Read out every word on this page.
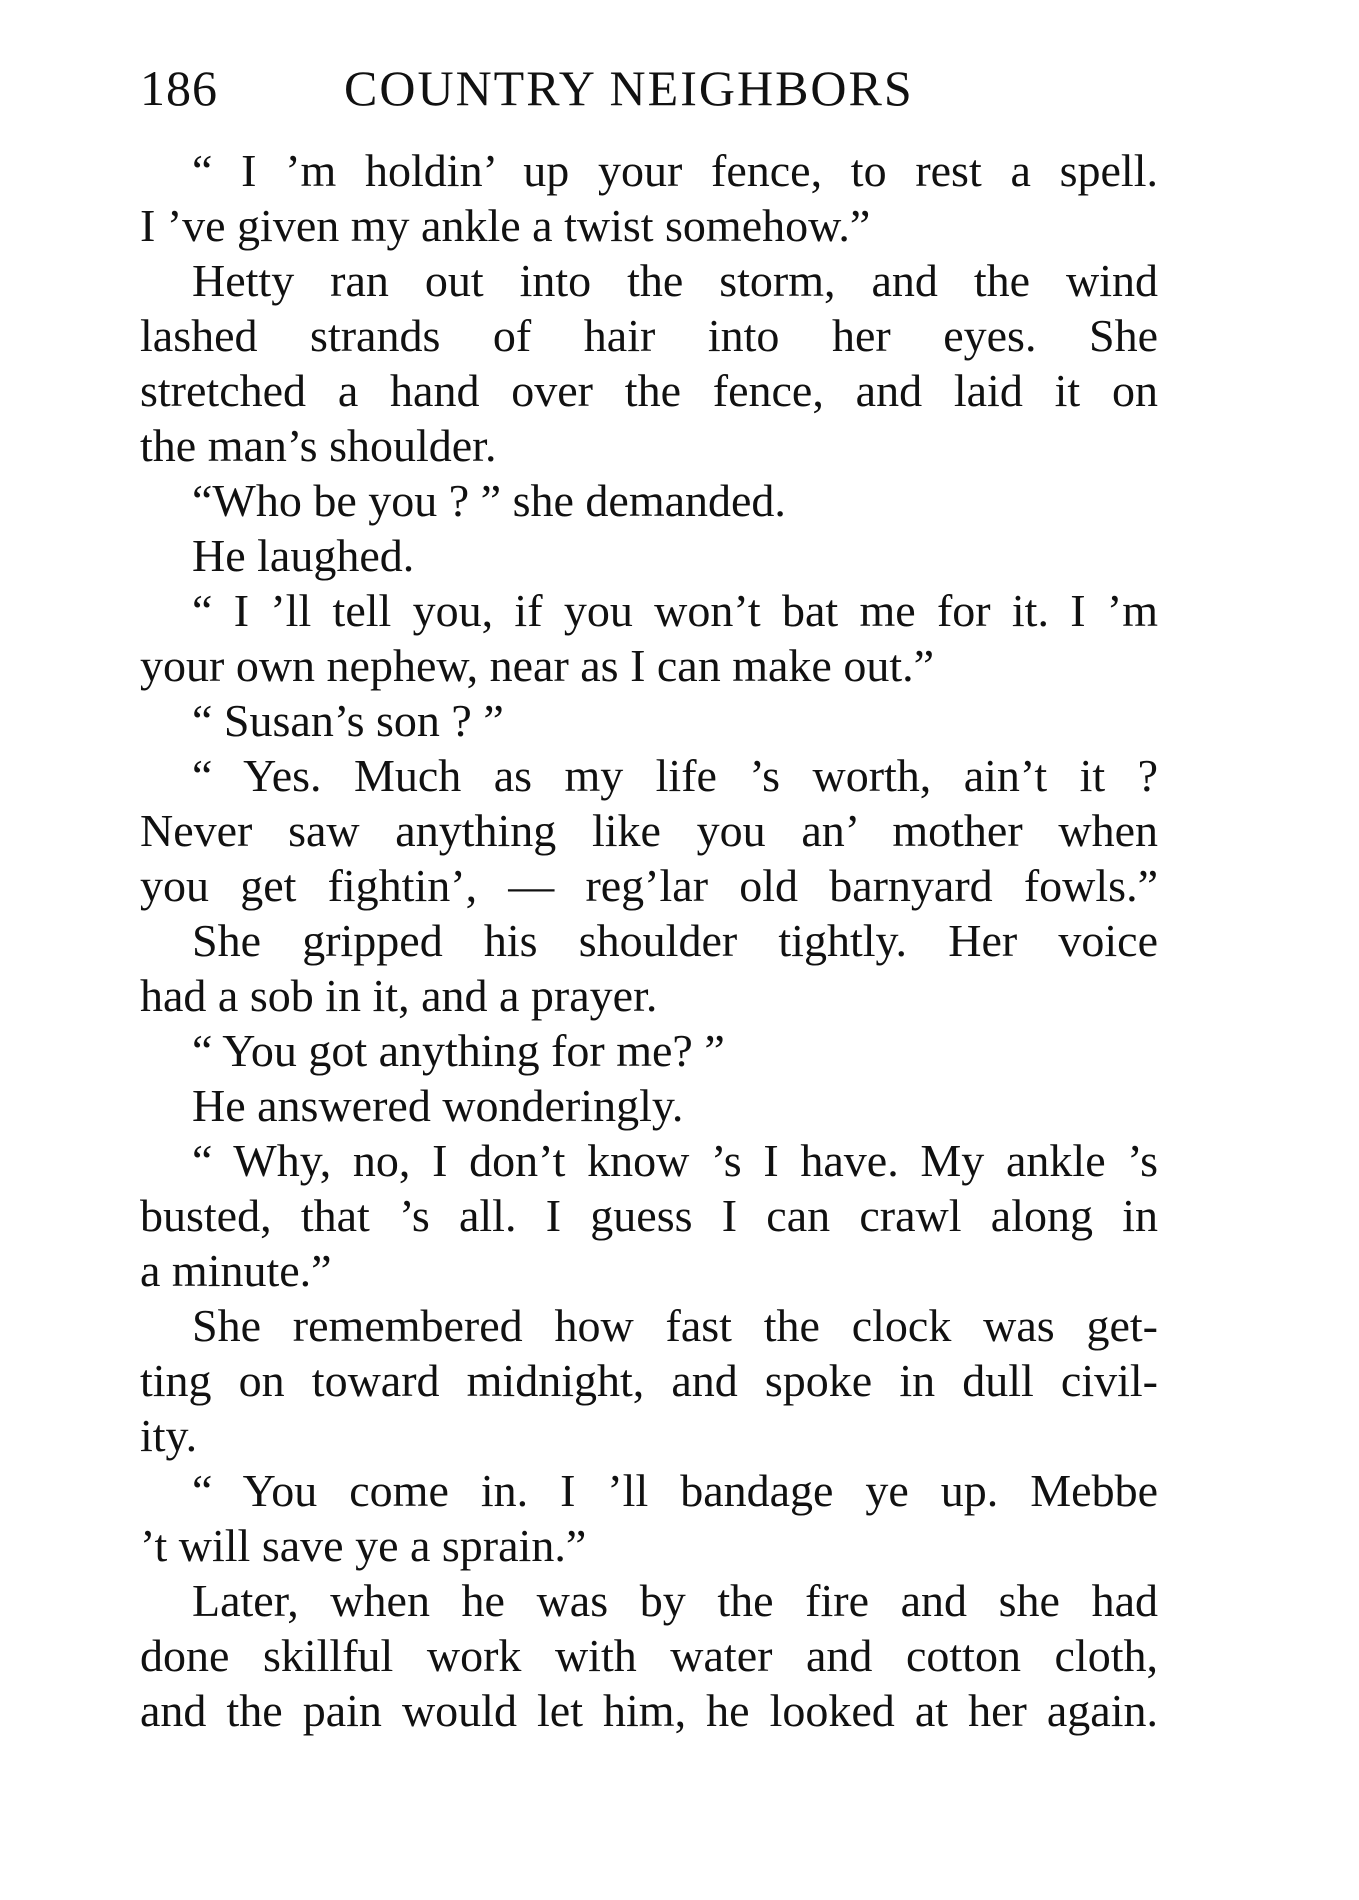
186	COUNTRY NEIGHBORS
“ I ’m holdin’ up your fence, to rest a spell.
I ’ve given my ankle a twist somehow.”
Hetty ran out into the storm, and the wind
lashed strands of hair into her eyes. She
stretched a hand over the fence, and laid it on
the man’s shoulder.
“Who be you ? ” she demanded.
He laughed.
“ I ’ll tell you, if you won’t bat me for it. I ’m
your own nephew, near as I can make out.”
“ Susan’s son ? ”
“ Yes. Much as my life ’s worth, ain’t it ?
Never saw anything like you an’ mother when
you get fightin’, — reg’lar old barnyard fowls.”
She gripped his shoulder tightly. Her voice
had a sob in it, and a prayer.
“ You got anything for me? ”
He answered wonderingly.
“ Why, no, I don’t know ’s I have. My ankle ’s
busted, that ’s all. I guess I can crawl along in
a minute.”
She remembered how fast the clock was get-
ting on toward midnight, and spoke in dull civil-
ity.
“ You come in. I ’ll bandage ye up. Mebbe
’t will save ye a sprain.”
Later, when he was by the fire and she had
done skillful work with water and cotton cloth,
and the pain would let him, he looked at her again.
